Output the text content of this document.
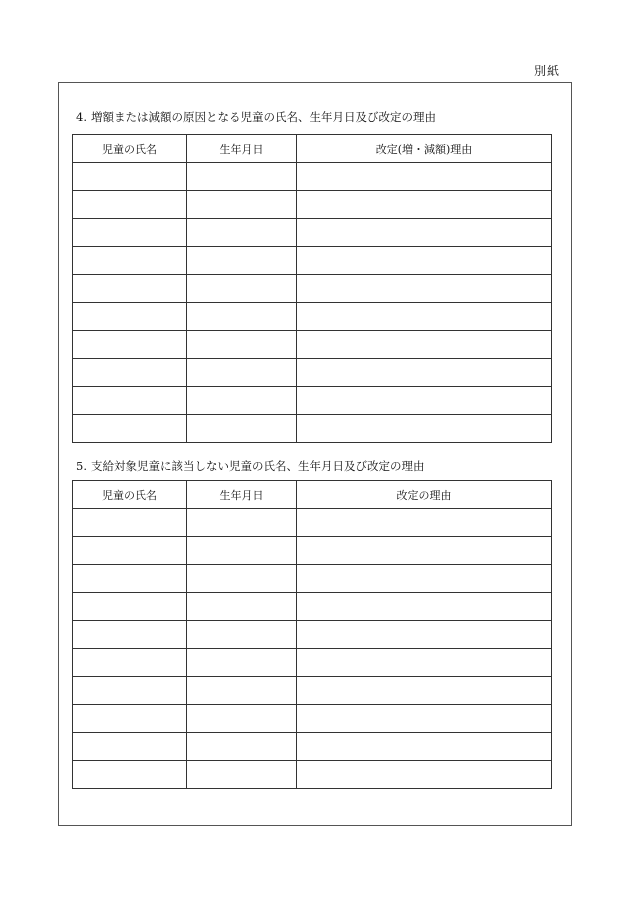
別紙
4. 増額または減額の原因となる児童の氏名、生年月日及び改定の理由
児童の氏名	生年月日	改定(増・減額)理由

5. 支給対象児童に該当しない児童の氏名、生年月日及び改定の理由
児童の氏名	生年月日	改定の理由
